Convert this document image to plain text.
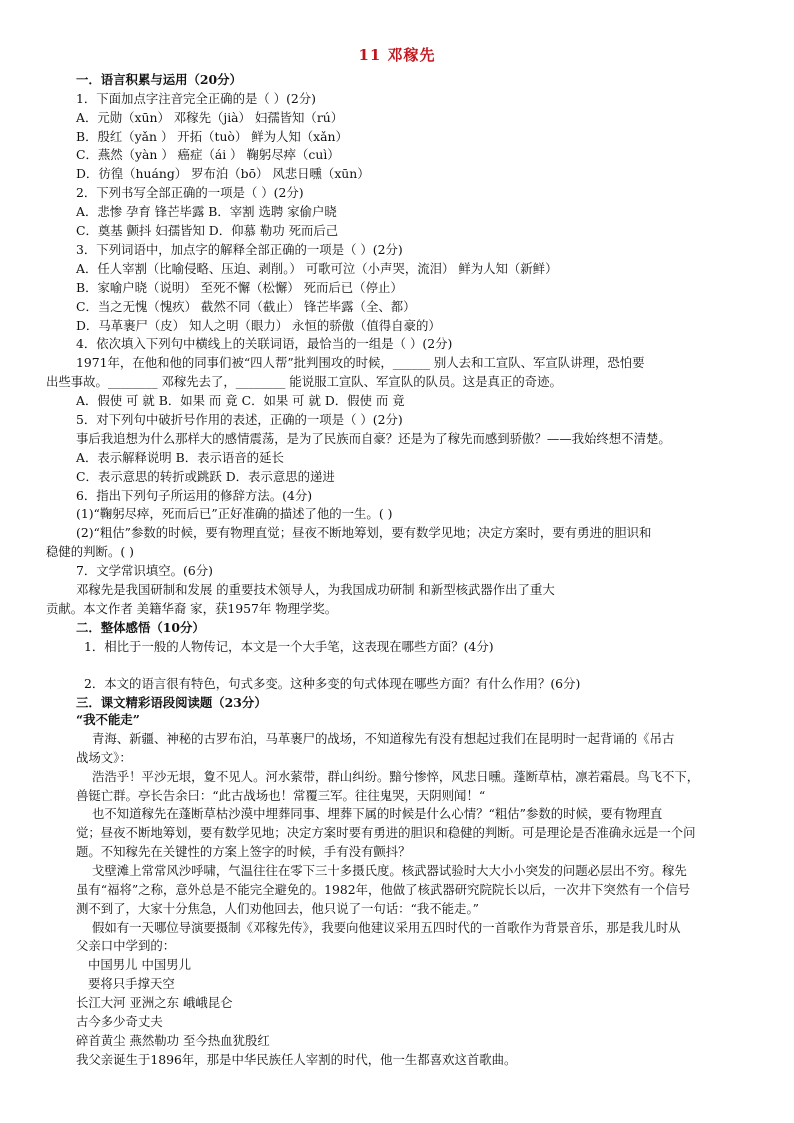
11 邓稼先
一．语言积累与运用（20分）
1．下面加点字注音完全正确的是（ ）(2分)
A．元勋（xūn） 邓稼先（jià） 妇孺皆知（rú）
B．殷红（yǎn ） 开拓（tuò） 鲜为人知（xǎn）
C．燕然（yàn ） 癌症（ái ） 鞠躬尽瘁（cuì）
D．彷徨（huáng） 罗布泊（bō） 风悲日曛（xūn）
2．下列书写全部正确的一项是（ ）(2分)
A．悲惨 孕育 锋芒毕露 B．宰割 选聘 家偷户晓
C．奠基 颤抖 妇孺皆知 D．仰慕 勒功 死而后己
3．下列词语中，加点字的解释全部正确的一项是（ ）(2分)
A．任人宰割（比喻侵略、压迫、剥削。） 可歌可泣（小声哭，流泪） 鲜为人知（新鲜）
B．家喻户晓（说明） 至死不懈（松懈） 死而后已（停止）
C．当之无愧（愧疚） 截然不同（截止） 锋芒毕露（全、都）
D．马革裹尸（皮） 知人之明（眼力） 永恒的骄傲（值得自豪的）
4．依次填入下列句中横线上的关联词语，最恰当的一组是（ ）(2分)
1971年，在他和他的同事们被“四人帮”批判围攻的时候，______ 别人去和工宣队、军宣队讲理，恐怕要
出些事故。________ 邓稼先去了，________ 能说服工宣队、军宣队的队员。这是真正的奇迹。
A．假使 可 就 B．如果 而 竟 C．如果 可 就 D．假使 而 竟
5．对下列句中破折号作用的表述，正确的一项是（ ）(2分)
事后我追想为什么那样大的感情震荡，是为了民族而自豪？还是为了稼先而感到骄傲？——我始终想不清楚。
A．表示解释说明 B．表示语音的延长
C．表示意思的转折或跳跃 D．表示意思的递进
6．指出下列句子所运用的修辞方法。(4分)
(1)“鞠躬尽瘁，死而后已”正好准确的描述了他的一生。( )
(2)“粗估”参数的时候，要有物理直觉；昼夜不断地筹划，要有数学见地；决定方案时，要有勇进的胆识和
稳健的判断。( )
7．文学常识填空。(6分)
邓稼先是我国研制和发展 的重要技术领导人，为我国成功研制 和新型核武器作出了重大
贡献。本文作者 美籍华裔 家，获1957年 物理学奖。
二．整体感悟（10分）
1．相比于一般的人物传记，本文是一个大手笔，这表现在哪些方面？(4分)
2．本文的语言很有特色，句式多变。这种多变的句式体现在哪些方面？有什么作用？(6分)
三．课文精彩语段阅读题（23分）
“我不能走”
青海、新疆、神秘的古罗布泊，马革裹尸的战场，不知道稼先有没有想起过我们在昆明时一起背诵的《吊古
战场文》：
浩浩乎！平沙无垠，夐不见人。河水萦带，群山纠纷。黯兮惨悴，风悲日曛。蓬断草枯，凛若霜晨。鸟飞不下，
兽铤亡群。亭长告余曰：“此古战场也！常覆三军。往往鬼哭，天阴则闻！“
也不知道稼先在蓬断草枯沙漠中埋葬同事、埋葬下属的时候是什么心情？“粗估”参数的时候，要有物理直
觉；昼夜不断地筹划，要有数学见地；决定方案时要有勇进的胆识和稳健的判断。可是理论是否准确永远是一个问
题。不知稼先在关键性的方案上签字的时候，手有没有颤抖？
戈壁滩上常常风沙呼啸，气温往往在零下三十多摄氏度。核武器试验时大大小小突发的问题必层出不穷。稼先
虽有“福将”之称，意外总是不能完全避免的。1982年，他做了核武器研究院院长以后，一次井下突然有一个信号
测不到了，大家十分焦急，人们劝他回去，他只说了一句话：“我不能走。”
假如有一天哪位导演要摄制《邓稼先传》，我要向他建议采用五四时代的一首歌作为背景音乐，那是我儿时从
父亲口中学到的：
中国男儿 中国男儿
要将只手撑天空
长江大河 亚洲之东 峨峨昆仑
古今多少奇丈夫
碎首黄尘 燕然勒功 至今热血犹殷红
我父亲诞生于1896年，那是中华民族任人宰割的时代，他一生都喜欢这首歌曲。
